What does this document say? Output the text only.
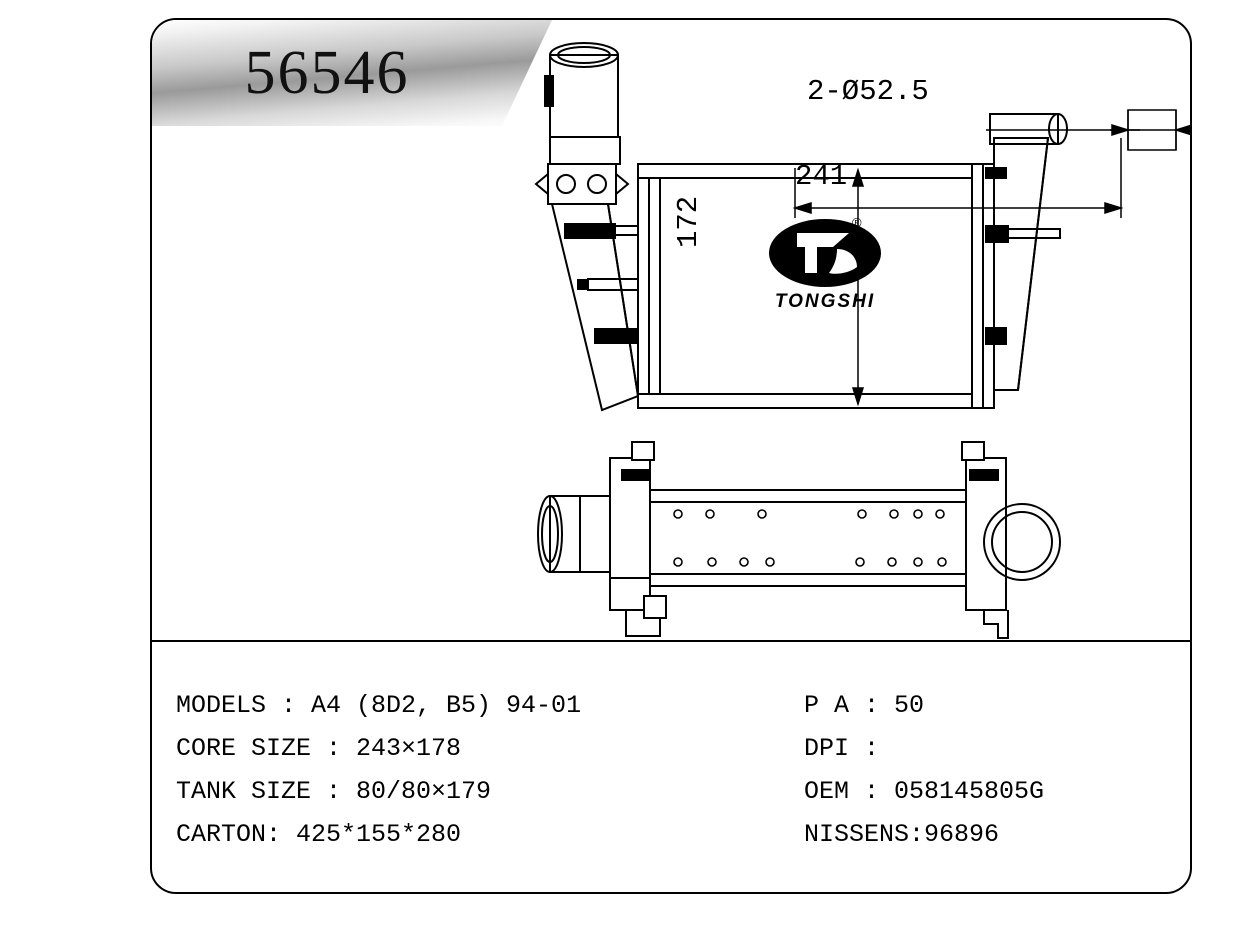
241
2-Ø52.5
172	®
TONGSHI
56546
MODELS : A4 (8D2, B5) 94-01
CORE SIZE : 243×178
TANK SIZE : 80/80×179
CARTON: 425*155*280
P A : 50
DPI :
OEM : 058145805G
NISSENS:96896
